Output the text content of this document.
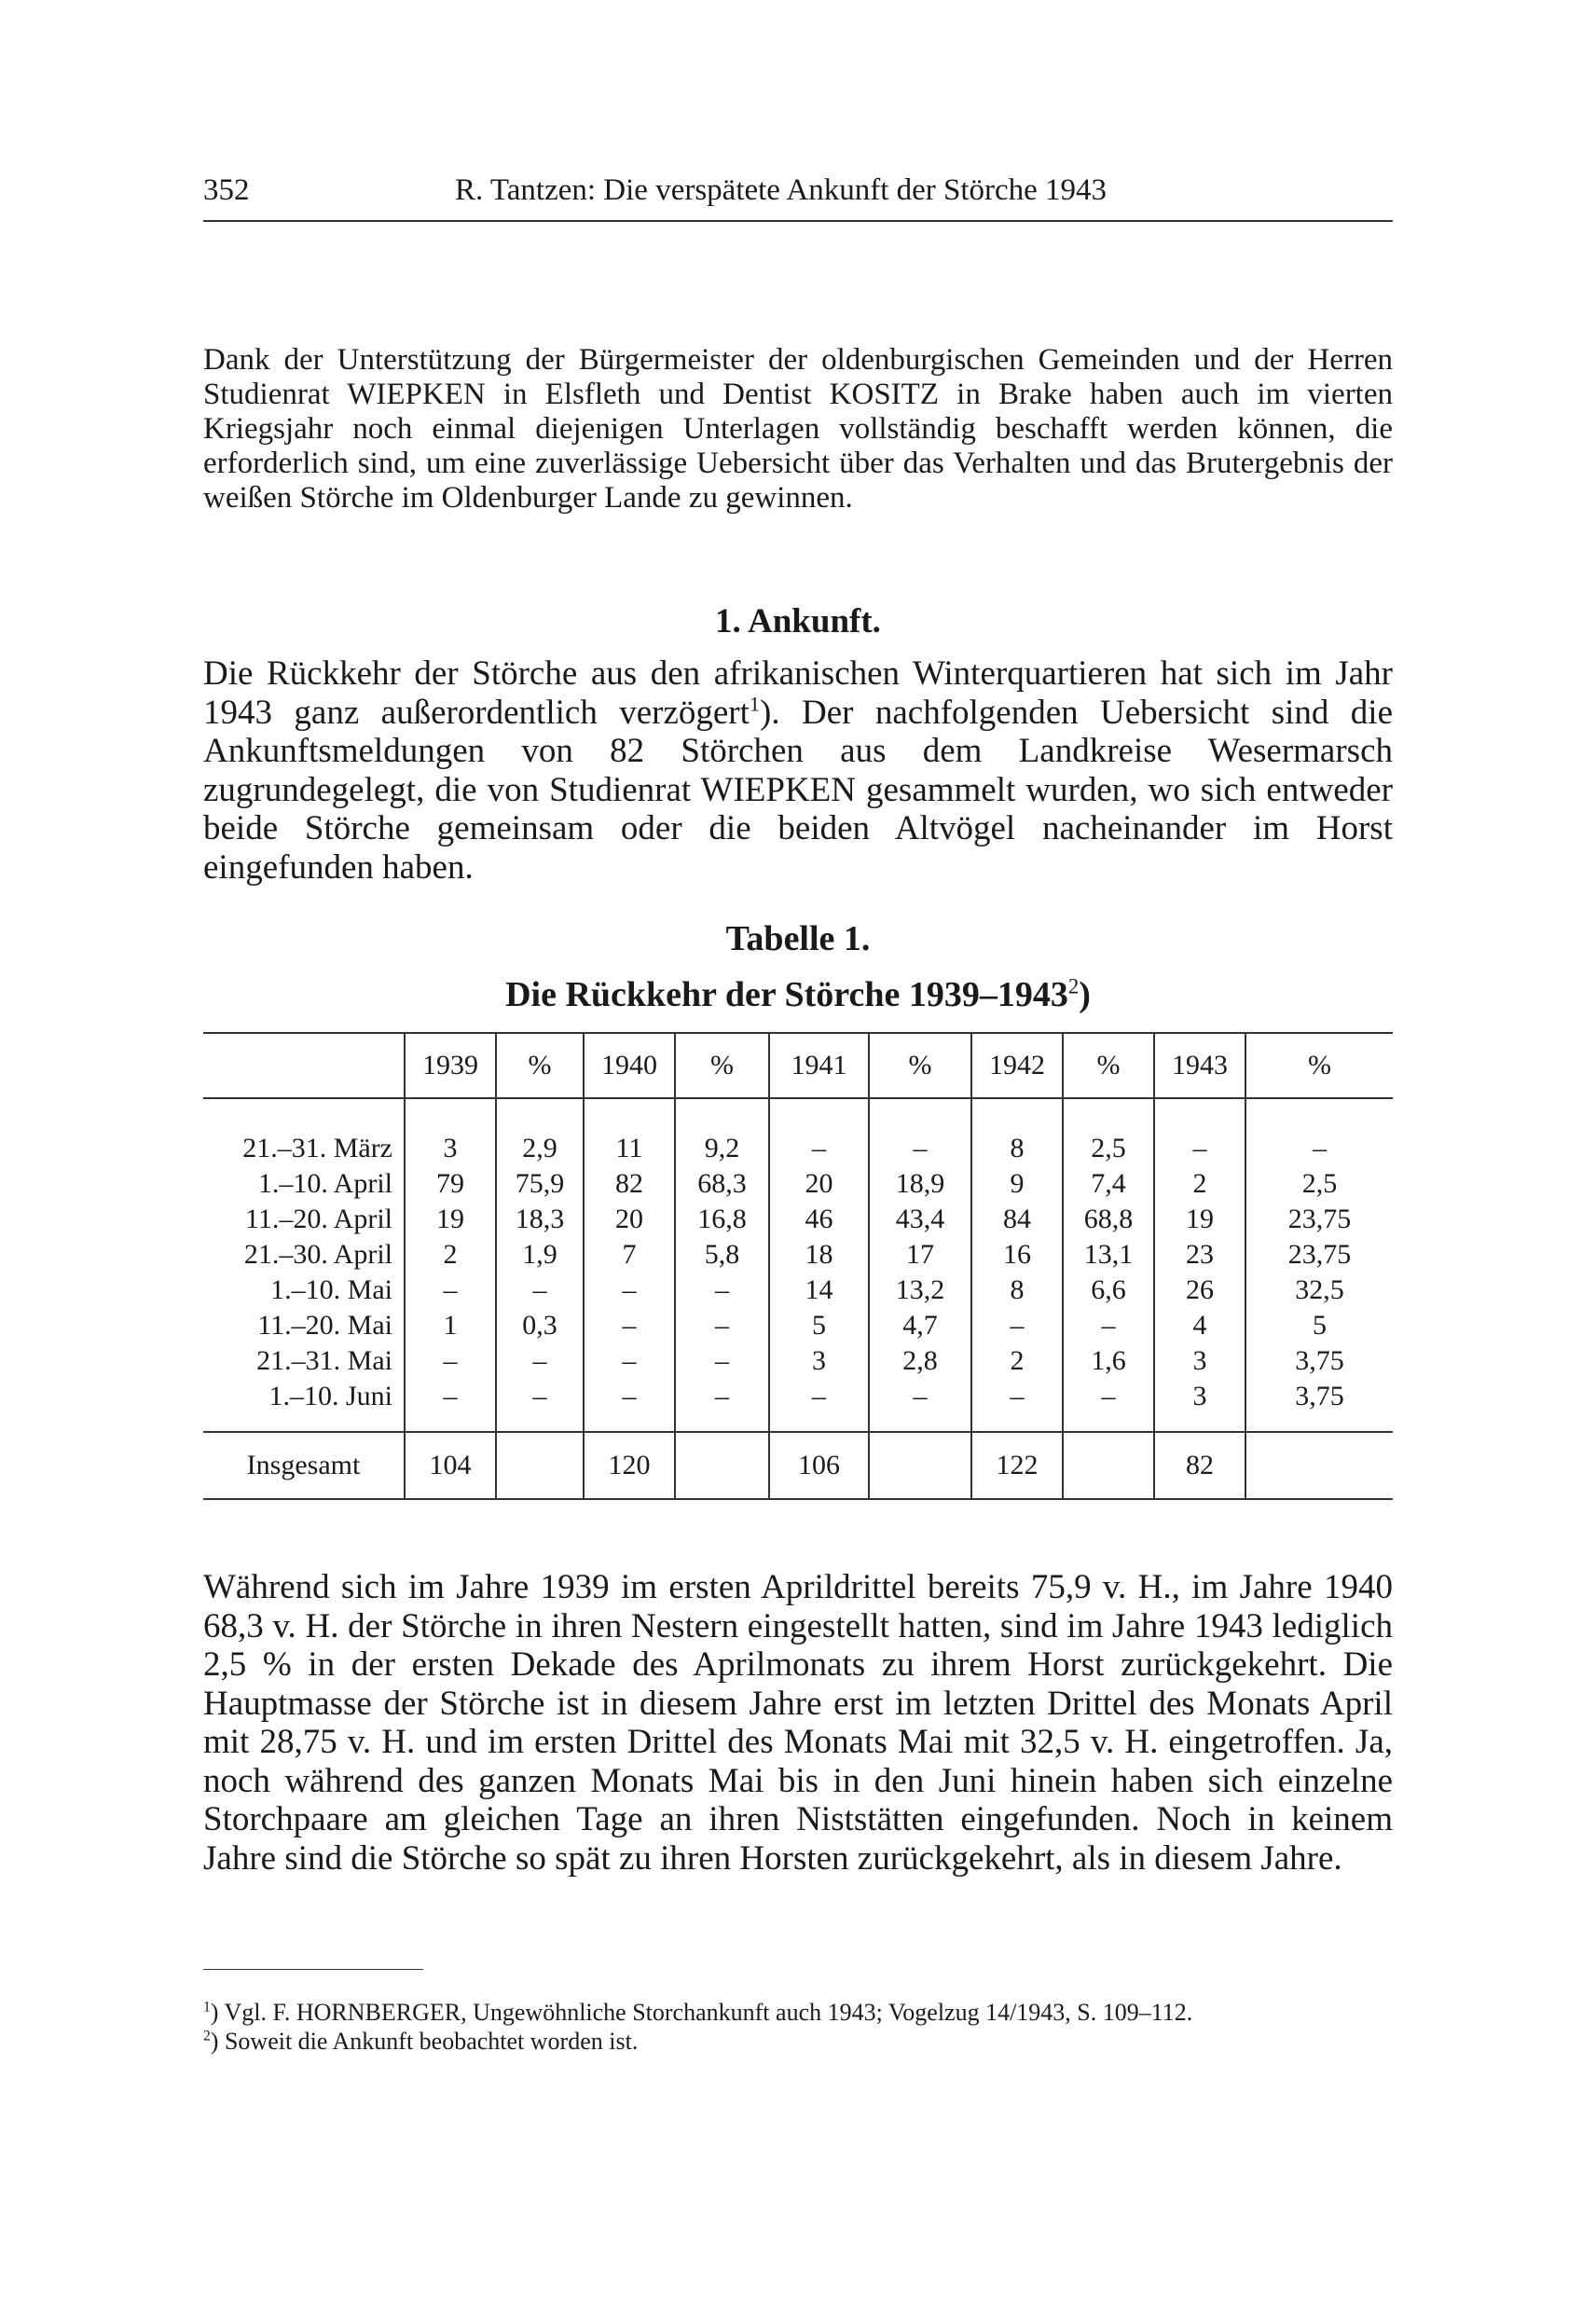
352	R. Tantzen: Die verspätete Ankunft der Störche 1943

Dank der Unterstützung der Bürgermeister der oldenburgischen Gemeinden und der Herren Studienrat WIEPKEN in Elsfleth und Dentist KOSITZ in Brake haben auch im vierten Kriegsjahr noch einmal diejenigen Unterlagen vollständig beschafft werden können, die erforderlich sind, um eine zuverlässige Uebersicht über das Verhalten und das Brutergebnis der weißen Störche im Oldenburger Lande zu gewinnen.

1. Ankunft.

Die Rückkehr der Störche aus den afrikanischen Winterquartieren hat sich im Jahr 1943 ganz außerordentlich verzögert$^1$). Der nachfolgenden Uebersicht sind die Ankunftsmeldungen von 82 Störchen aus dem Landkreise Wesermarsch zugrundegelegt, die von Studienrat WIEPKEN gesammelt wurden, wo sich entweder beide Störche gemeinsam oder die beiden Altvögel nacheinander im Horst eingefunden haben.

Tabelle 1.
Die Rückkehr der Störche 1939–1943$^2$)
	1939	%	1940	%	1941	%	1942	%	1943	%
21.–31. März	3	2,9	11	9,2	–	–	8	2,5	–	–
1.–10. April	79	75,9	82	68,3	20	18,9	9	7,4	2	2,5
11.–20. April	19	18,3	20	16,8	46	43,4	84	68,8	19	23,75
21.–30. April	2	1,9	7	5,8	18	17	16	13,1	23	23,75
1.–10. Mai	–	–	–	–	14	13,2	8	6,6	26	32,5
11.–20. Mai	1	0,3	–	–	5	4,7	–	–	4	5
21.–31. Mai	–	–	–	–	3	2,8	2	1,6	3	3,75
1.–10. Juni	–	–	–	–	–	–	–	–	3	3,75
Insgesamt	104		120		106		122		82	

Während sich im Jahre 1939 im ersten Aprildrittel bereits 75,9 v. H., im Jahre 1940 68,3 v. H. der Störche in ihren Nestern eingestellt hatten, sind im Jahre 1943 lediglich 2,5 % in der ersten Dekade des Aprilmonats zu ihrem Horst zurückgekehrt. Die Hauptmasse der Störche ist in diesem Jahre erst im letzten Drittel des Monats April mit 28,75 v. H. und im ersten Drittel des Monats Mai mit 32,5 v. H. eingetroffen. Ja, noch während des ganzen Monats Mai bis in den Juni hinein haben sich einzelne Storchpaare am gleichen Tage an ihren Niststätten eingefunden. Noch in keinem Jahre sind die Störche so spät zu ihren Horsten zurückgekehrt, als in diesem Jahre.

$^1$) Vgl. F. HORNBERGER, Ungewöhnliche Storchankunft auch 1943; Vogelzug 14/1943, S. 109–112.
$^2$) Soweit die Ankunft beobachtet worden ist.
